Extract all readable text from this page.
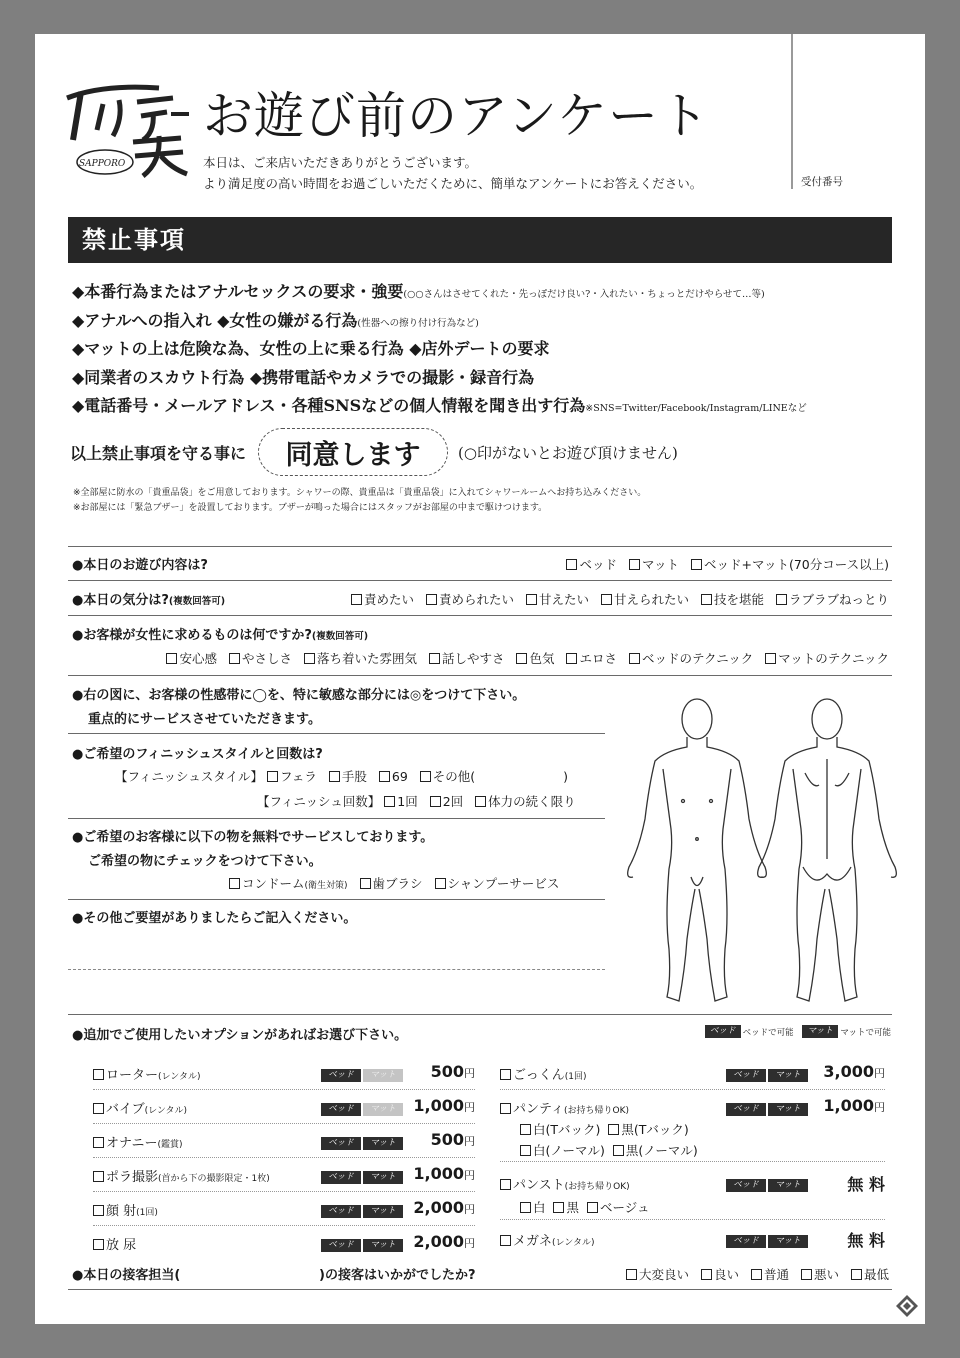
SAPPORO
お遊び前のアンケート
本日は、ご来店いただきありがとうございます。
より満足度の高い時間をお過ごしいただくために、簡単なアンケートにお答えください。	受付番号
禁止事項
◆本番行為またはアナルセックスの要求・強要(○○さんはさせてくれた・先っぽだけ良い?・入れたい・ちょっとだけやらせて…等)
◆アナルへの指入れ ◆女性の嫌がる行為(性器への擦り付け行為など)
◆マットの上は危険な為、女性の上に乗る行為 ◆店外デートの要求
◆同業者のスカウト行為 ◆携帯電話やカメラでの撮影・録音行為
◆電話番号・メールアドレス・各種SNSなどの個人情報を聞き出す行為※SNS=Twitter/Facebook/Instagram/LINEなど
以上禁止事項を守る事に	同意します	(○印がないとお遊び頂けません)
※全部屋に防水の「貴重品袋」をご用意しております。シャワーの際、貴重品は「貴重品袋」に入れてシャワールームへお持ち込みください。
※お部屋には「緊急ブザー」を設置しております。ブザーが鳴った場合にはスタッフがお部屋の中まで駆けつけます。
●本日のお遊び内容は?	ベッド マット ベッド+マット(70分コース以上)
●本日の気分は?(複数回答可)	責めたい 責められたい 甘えたい 甘えられたい 技を堪能 ラブラブねっとり
●お客様が女性に求めるものは何ですか?(複数回答可)
安心感 やさしさ 落ち着いた雰囲気 話しやすさ 色気 エロさ ベッドのテクニック マットのテクニック
●右の図に、お客様の性感帯に◯を、特に敏感な部分には◎をつけて下さい。
重点的にサービスさせていただきます。
●ご希望のフィニッシュスタイルと回数は?
【フィニッシュスタイル】 フェラ 手股 69 その他(	)
【フィニッシュ回数】 1回 2回 体力の続く限り
●ご希望のお客様に以下の物を無料でサービスしております。
ご希望の物にチェックをつけて下さい。
コンドーム(衛生対策) 歯ブラシ シャンプーサービス
●その他ご要望がありましたらご記入ください。
●追加でご使用したいオプションがあればお選び下さい。	ベッド ベッドで可能 マット マットで可能
ローター(レンタル)	ベッド マット	500円
バイブ(レンタル)	ベッド マット	1,000円
オナニー(鑑賞)	ベッド マット	500円
ポラ撮影(首から下の撮影限定・1枚)	ベッド マット	1,000円
顔 射(1回)	ベッド マット	2,000円
放 尿	ベッド マット	2,000円
ごっくん(1回)	ベッド マット	3,000円
パンティ(お持ち帰りOK)	ベッド マット	1,000円
白(Tバック) 黒(Tバック)
白(ノーマル) 黒(ノーマル)
パンスト(お持ち帰りOK)	ベッド マット	無 料
白 黒 ベージュ
メガネ(レンタル)	ベッド マット	無 料
●本日の接客担当(	)の接客はいかがでしたか?	大変良い 良い 普通 悪い 最低
